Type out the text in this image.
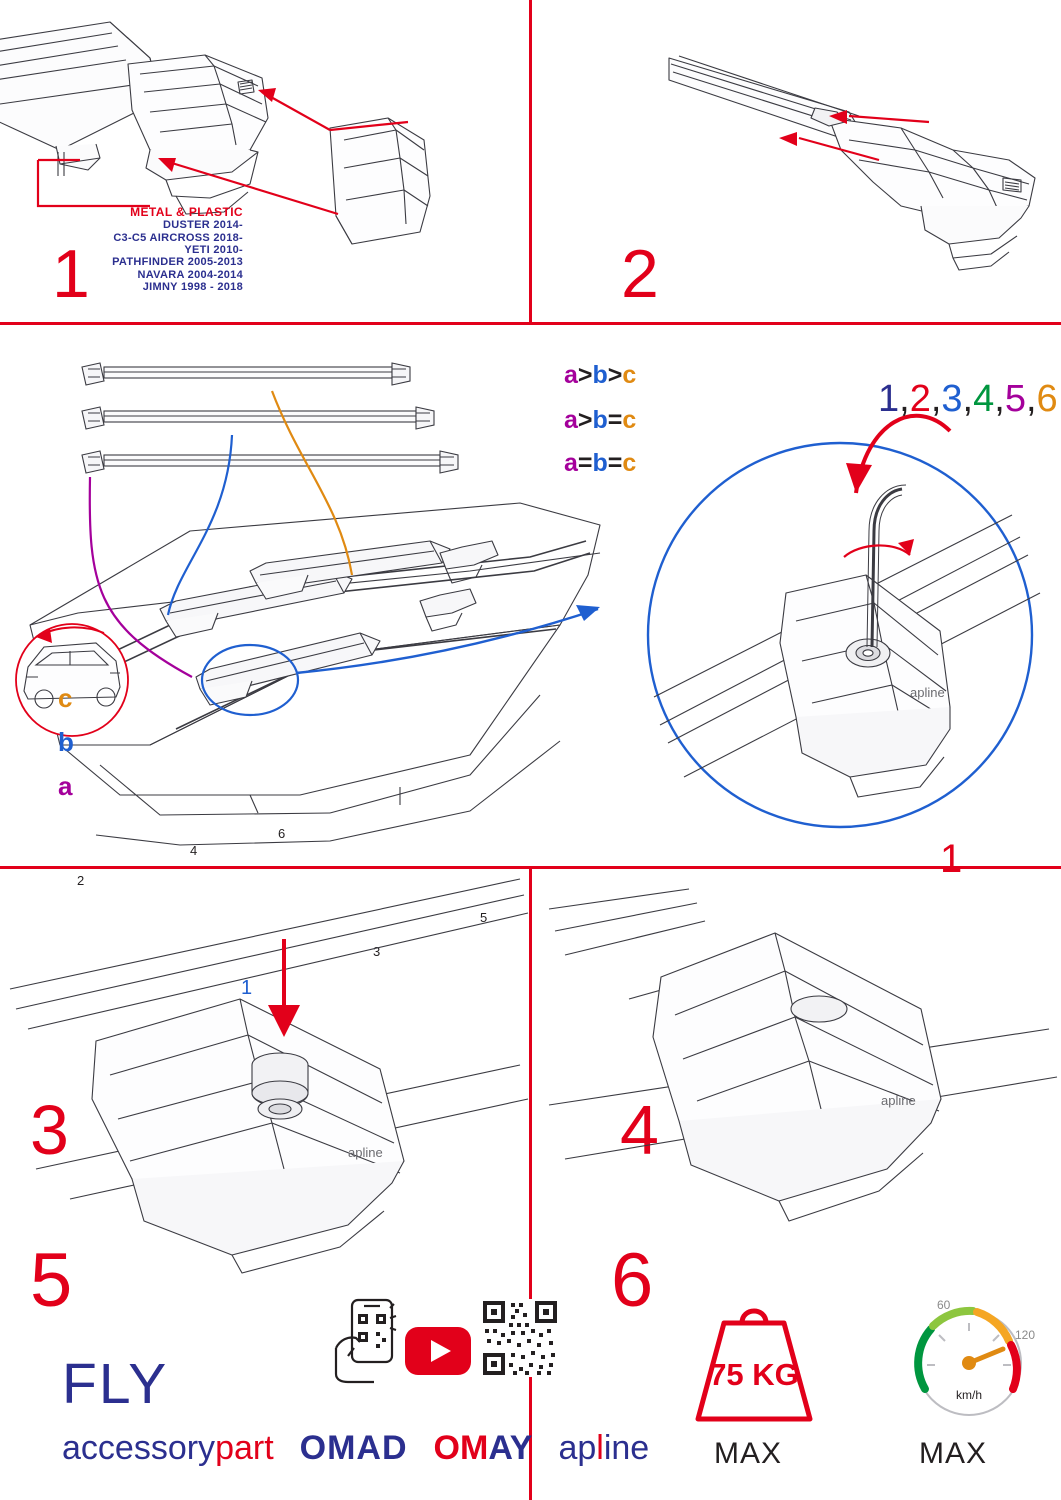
METAL & PLASTIC
DUSTER 2014-
C3-C5 AIRCROSS 2018-
YETI 2010-
PATHFINDER 2005-2013
NAVARA 2004-2014
JIMNY 1998 - 2018
1	2
c
b
a
2
4
6
3
5
1
3
a>b>c
a>b=c
a=b=c
apline
1
4
1,2,3,4,5,6
apline
5
FLY
accessorypart OMAD OMAY apline
apline
6
75 KG
MAX
60
120
km/h
MAX
